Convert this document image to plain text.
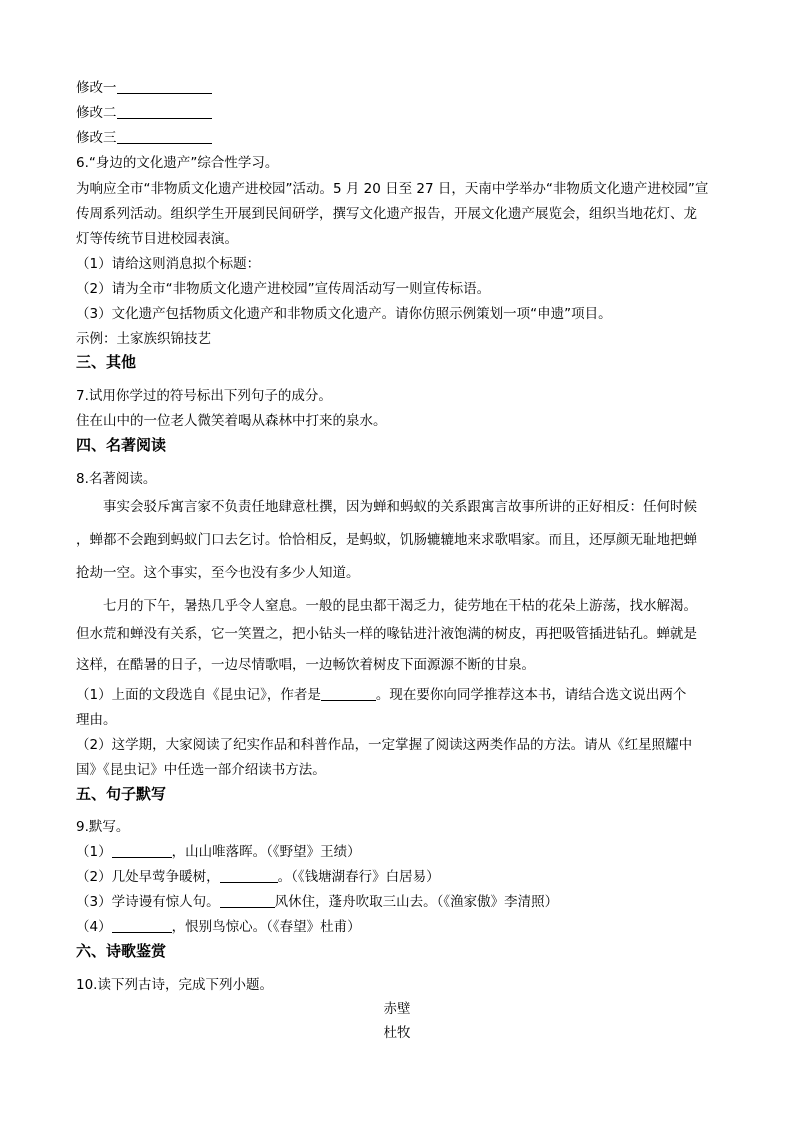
修改一
修改二
修改三
6.“身边的文化遗产”综合性学习。
为响应全市“非物质文化遗产进校园”活动。5 月 20 日至 27 日，天南中学举办“非物质文化遗产进校园”宣
传周系列活动。组织学生开展到民间研学，撰写文化遗产报告，开展文化遗产展览会，组织当地花灯、龙
灯等传统节目进校园表演。
（1）请给这则消息拟个标题：
（2）请为全市“非物质文化遗产进校园”宣传周活动写一则宣传标语。
（3）文化遗产包括物质文化遗产和非物质文化遗产。请你仿照示例策划一项“申遗”项目。
示例：土家族织锦技艺
三、其他
7.试用你学过的符号标出下列句子的成分。
住在山中的一位老人微笑着喝从森林中打来的泉水。
四、名著阅读
8.名著阅读。
事实会驳斥寓言家不负责任地肆意杜撰，因为蝉和蚂蚁的关系跟寓言故事所讲的正好相反：任何时候
，蝉都不会跑到蚂蚁门口去乞讨。恰恰相反，是蚂蚁，饥肠辘辘地来求歌唱家。而且，还厚颜无耻地把蝉
抢劫一空。这个事实，至今也没有多少人知道。
七月的下午，暑热几乎令人窒息。一般的昆虫都干渴乏力，徒劳地在干枯的花朵上游荡，找水解渴。
但水荒和蝉没有关系，它一笑置之，把小钻头一样的喙钻进汁液饱满的树皮，再把吸管插进钻孔。蝉就是
这样，在酷暑的日子，一边尽情歌唱，一边畅饮着树皮下面源源不断的甘泉。
（1）上面的文段选自《昆虫记》，作者是	。现在要你向同学推荐这本书，请结合选文说出两个
理由。
（2）这学期，大家阅读了纪实作品和科普作品，一定掌握了阅读这两类作品的方法。请从《红星照耀中
国》《昆虫记》中任选一部介绍读书方法。
五、句子默写
9.默写。
（1）	，山山唯落晖。（《野望》王绩）
（2）几处早莺争暖树，	。（《钱塘湖春行》白居易）
（3）学诗谩有惊人句。	风休住，蓬舟吹取三山去。（《渔家傲》李清照）
（4）	，恨别鸟惊心。（《春望》杜甫）
六、诗歌鉴赏
10.读下列古诗，完成下列小题。
赤壁
杜牧
